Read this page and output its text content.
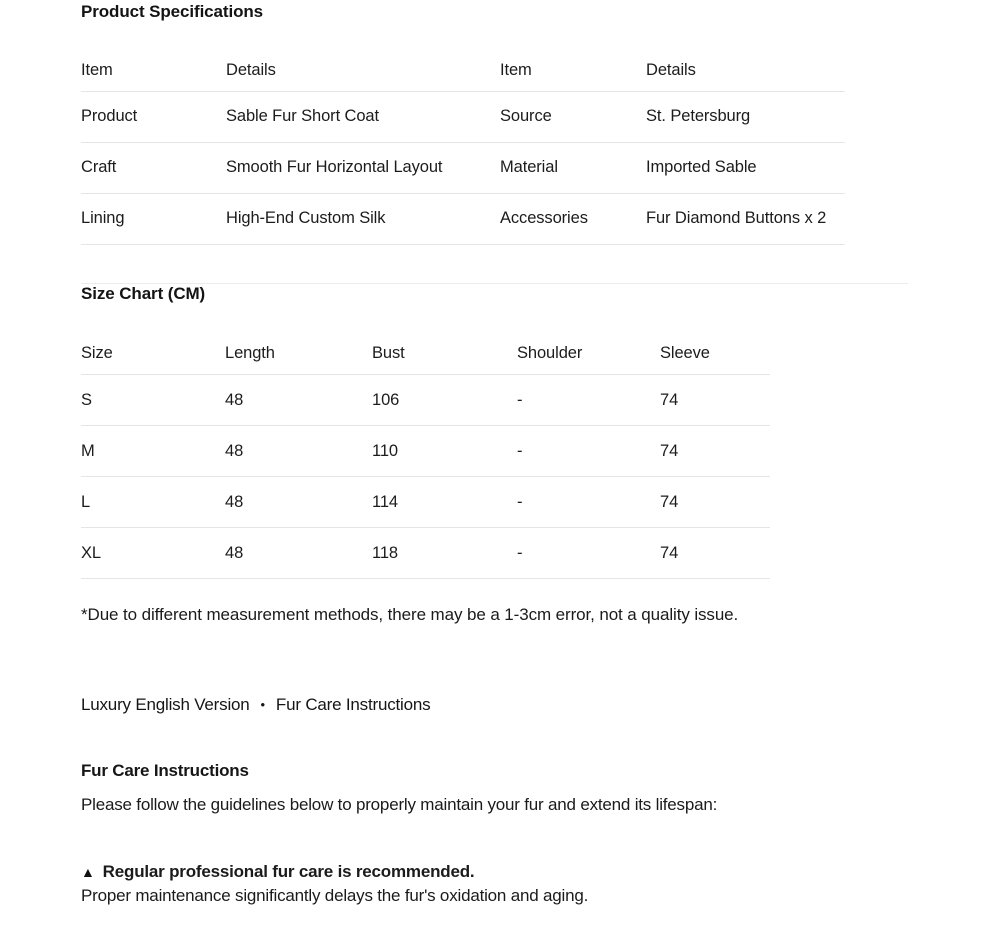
Product Specifications
Item	Details	Item	Details
Product	Sable Fur Short Coat	Source	St. Petersburg
Craft	Smooth Fur Horizontal Layout	Material	Imported Sable
Lining	High-End Custom Silk	Accessories	Fur Diamond Buttons x 2
Size Chart (CM)
Size	Length	Bust	Shoulder	Sleeve
S	48	106	-	74
M	48	110	-	74
L	48	114	-	74
XL	48	118	-	74

*Due to different measurement methods, there may be a 1-3cm error, not a quality issue.

Luxury English Version • Fur Care Instructions

Fur Care Instructions

Please follow the guidelines below to properly maintain your fur and extend its lifespan:

▲ Regular professional fur care is recommended.

Proper maintenance significantly delays the fur's oxidation and aging.
